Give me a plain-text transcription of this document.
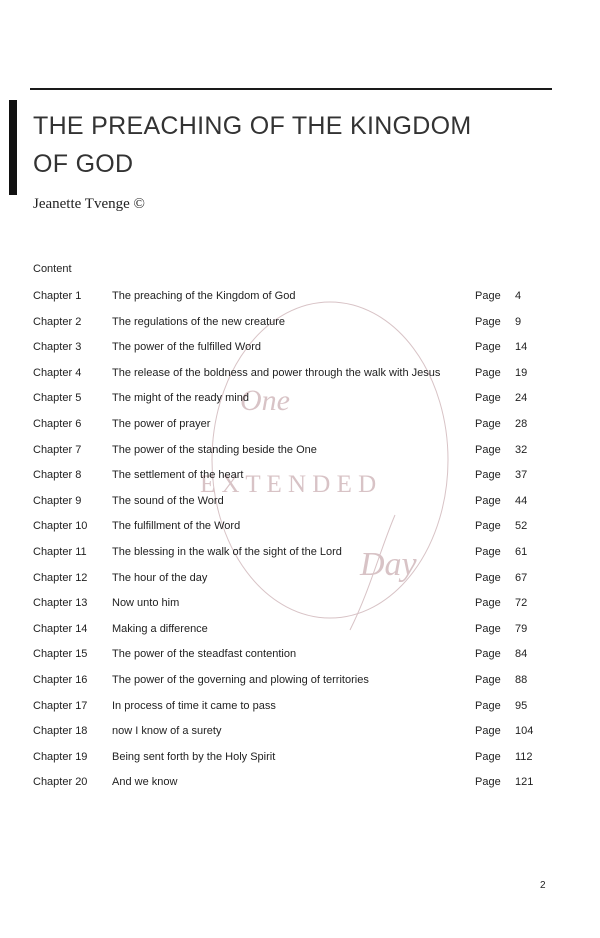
THE PREACHING OF THE KINGDOM
OF GOD
Jeanette Tvenge ©
One
E X T E N D E D
Day
Content
Chapter 1	The preaching of the Kingdom of God	Page 4
Chapter 2	The regulations of the new creature	Page 9
Chapter 3	The power of the fulfilled Word	Page 14
Chapter 4	The release of the boldness and power through the walk with Jesus	Page 19
Chapter 5	The might of the ready mind	Page 24
Chapter 6	The power of prayer	Page 28
Chapter 7	The power of the standing beside the One	Page 32
Chapter 8	The settlement of the heart	Page 37
Chapter 9	The sound of the Word	Page 44
Chapter 10 The fulfillment of the Word	Page 52
Chapter 11 The blessing in the walk of the sight of the Lord	Page 61
Chapter 12 The hour of the day	Page 67
Chapter 13 Now unto him	Page 72
Chapter 14 Making a difference	Page 79
Chapter 15 The power of the steadfast contention	Page 84
Chapter 16 The power of the governing and plowing of territories	Page 88
Chapter 17 In process of time it came to pass	Page 95
Chapter 18 now I know of a surety	Page 104
Chapter 19 Being sent forth by the Holy Spirit	Page 112
Chapter 20 And we know	Page 121
2
